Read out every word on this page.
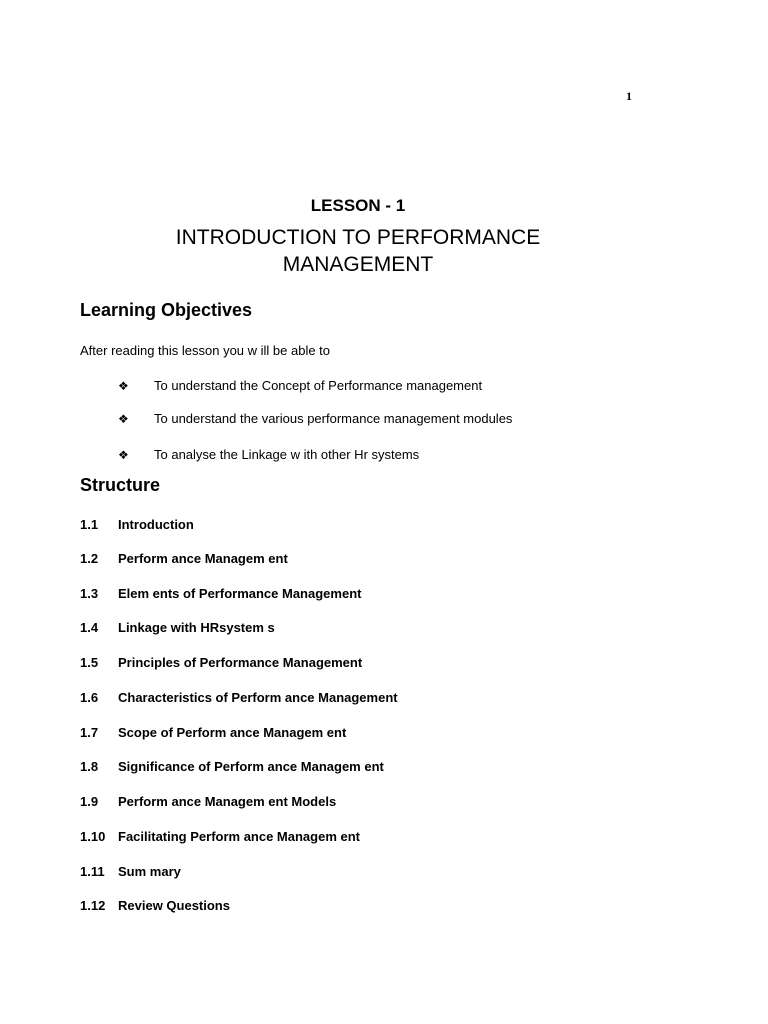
1
LESSON - 1
INTRODUCTION TO PERFORMANCE
MANAGEMENT
Learning Objectives
After reading this lesson you w ill be able to
❖	To understand the Concept of Performance management
❖	To understand the various performance management modules
❖	To analyse the Linkage w ith other Hr systems
Structure
1.1	Introduction
1.2	Perform ance Managem ent
1.3	Elem ents of Performance Management
1.4	Linkage with HRsystem s
1.5	Principles of Performance Management
1.6	Characteristics of Perform ance Management
1.7	Scope of Perform ance Managem ent
1.8	Significance of Perform ance Managem ent
1.9	Perform ance Managem ent Models
1.10 Facilitating Perform ance Managem ent
1.11	Sum mary
1.12 Review Questions
